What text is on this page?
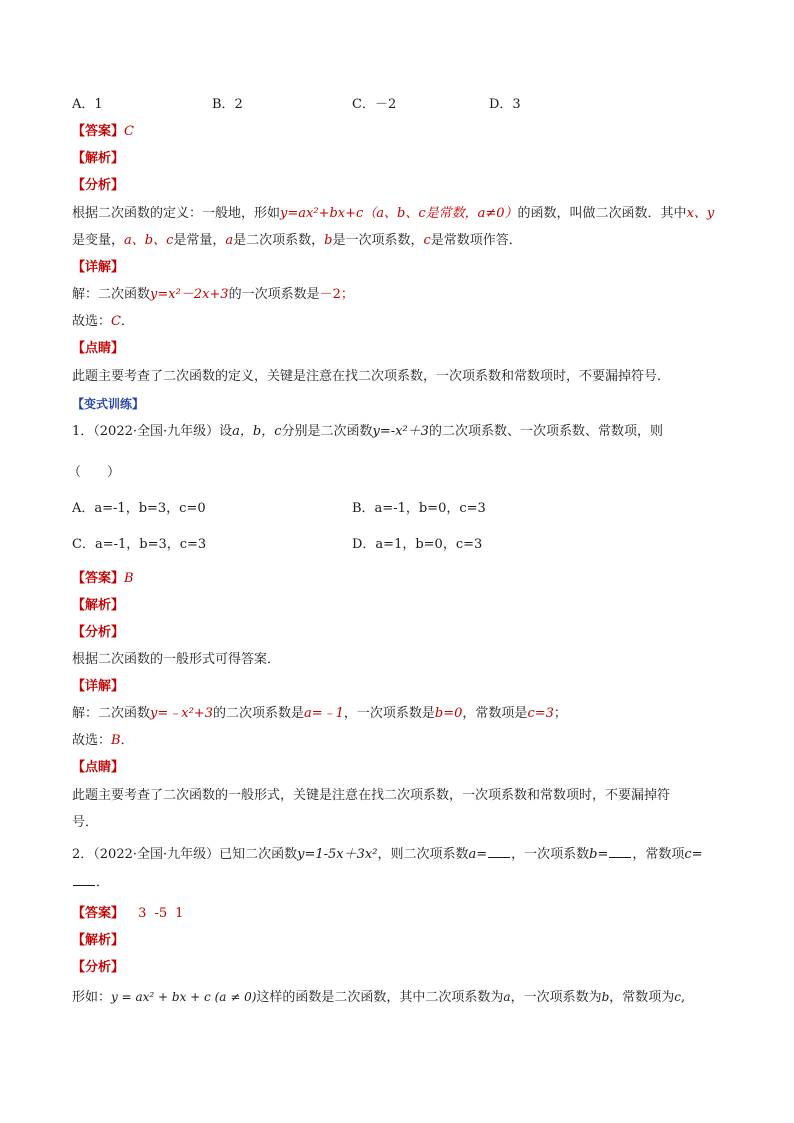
A．1	B．2	C．－2	D．3
【答案】C
【解析】
【分析】
根据二次函数的定义：一般地，形如y=ax²+bx+c（a、b、c是常数，a≠0）的函数，叫做二次函数．其中x、y
是变量，a、b、c是常量，a是二次项系数，b是一次项系数，c是常数项作答．
【详解】
解：二次函数y=x²－2x+3的一次项系数是－2；
故选：C．
【点睛】
此题主要考查了二次函数的定义，关键是注意在找二次项系数，一次项系数和常数项时，不要漏掉符号．
【变式训练】
1．（2022·全国·九年级）设a，b，c分别是二次函数y=-x²＋3的二次项系数、一次项系数、常数项，则
（　　）
A．a=-1，b=3，c=0	B．a=-1，b=0，c=3
C．a=-1，b=3，c=3	D．a=1，b=0，c=3
【答案】B
【解析】
【分析】
根据二次函数的一般形式可得答案．
【详解】
解：二次函数y=﹣x²+3的二次项系数是a=﹣1，一次项系数是b=0，常数项是c=3；
故选：B．
【点睛】
此题主要考查了二次函数的一般形式，关键是注意在找二次项系数，一次项系数和常数项时，不要漏掉符
号．
2．（2022·全国·九年级）已知二次函数y=1-5x＋3x²，则二次项系数a= ，一次项系数b= ，常数项c=
．
【答案】 3 -5 1
【解析】
【分析】
形如：y = ax² + bx + c (a ≠ 0)这样的函数是二次函数，其中二次项系数为a，一次项系数为b，常数项为c,
